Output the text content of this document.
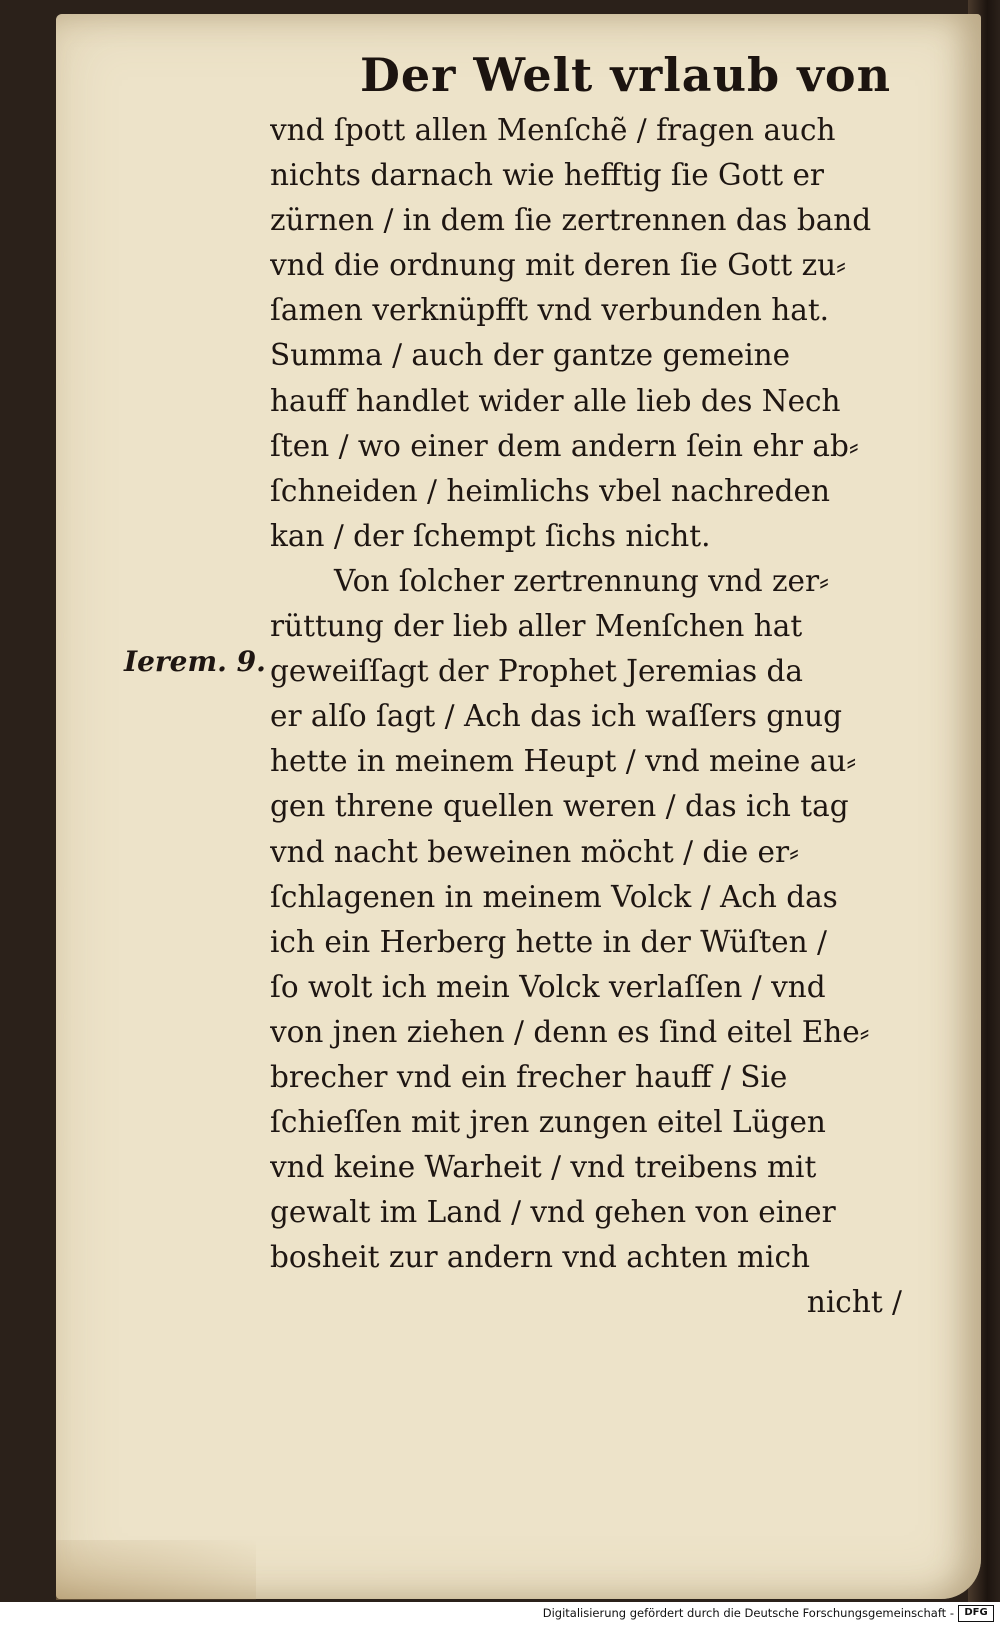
Der Welt vrlaub von
Ierem. 9.
vnd ſpott allen Menſchẽ / fragen auch
nichts darnach wie hefftig ſie Gott er
zürnen / in dem ſie zertrennen das band
vnd die ordnung mit deren ſie Gott zu⸗
ſamen verknüpfft vnd verbunden hat.
Summa / auch der gantze gemeine
hauff handlet wider alle lieb des Nech
ſten / wo einer dem andern ſein ehr ab⸗
ſchneiden / heimlichs vbel nachreden
kan / der ſchempt ſichs nicht.
Von ſolcher zertrennung vnd zer⸗
rüttung der lieb aller Menſchen hat
geweiſſagt der Prophet Jeremias da
er alſo ſagt / Ach das ich waſſers gnug
hette in meinem Heupt / vnd meine au⸗
gen threne quellen weren / das ich tag
vnd nacht beweinen möcht / die er⸗
ſchlagenen in meinem Volck / Ach das
ich ein Herberg hette in der Wüſten /
ſo wolt ich mein Volck verlaſſen / vnd
von jnen ziehen / denn es ſind eitel Ehe⸗
brecher vnd ein frecher hauff / Sie
ſchieſſen mit jren zungen eitel Lügen
vnd keine Warheit / vnd treibens mit
gewalt im Land / vnd gehen von einer
bosheit zur andern vnd achten mich
nicht /
Digitalisierung gefördert durch die Deutsche Forschungsgemeinschaft -	DFG
